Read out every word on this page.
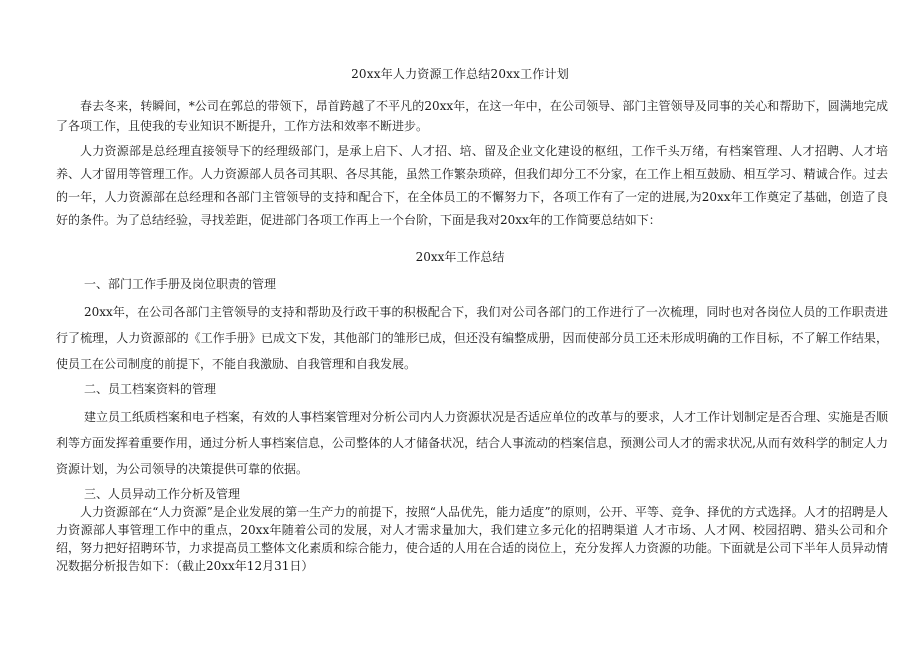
20xx年人力资源工作总结20xx工作计划

春去冬来，转瞬间，*公司在郭总的带领下，昂首跨越了不平凡的20xx年，在这一年中，在公司领导、部门主管领导及同事的关心和帮助下，圆满地完成了各项工作，且使我的专业知识不断提升，工作方法和效率不断进步。

人力资源部是总经理直接领导下的经理级部门，是承上启下、人才招、培、留及企业文化建设的枢纽，工作千头万绪，有档案管理、人才招聘、人才培养、人才留用等管理工作。人力资源部人员各司其职、各尽其能，虽然工作繁杂琐碎，但我们却分工不分家，在工作上相互鼓励、相互学习、精诚合作。过去的一年，人力资源部在总经理和各部门主管领导的支持和配合下，在全体员工的不懈努力下，各项工作有了一定的进展,为20xx年工作奠定了基础，创造了良好的条件。为了总结经验，寻找差距，促进部门各项工作再上一个台阶，下面是我对20xx年的工作简要总结如下：

20xx年工作总结
一、部门工作手册及岗位职责的管理

20xx年，在公司各部门主管领导的支持和帮助及行政干事的积极配合下，我们对公司各部门的工作进行了一次梳理，同时也对各岗位人员的工作职责进行了梳理，人力资源部的《工作手册》已成文下发，其他部门的雏形已成，但还没有编整成册，因而使部分员工还未形成明确的工作目标，不了解工作结果，使员工在公司制度的前提下，不能自我激励、自我管理和自我发展。

二、员工档案资料的管理

建立员工纸质档案和电子档案，有效的人事档案管理对分析公司内人力资源状况是否适应单位的改革与的要求，人才工作计划制定是否合理、实施是否顺利等方面发挥着重要作用，通过分析人事档案信息，公司整体的人才储备状况，结合人事流动的档案信息，预测公司人才的需求状况,从而有效科学的制定人力资源计划，为公司领导的决策提供可靠的依据。

三、人员异动工作分析及管理

人力资源部在“人力资源”是企业发展的第一生产力的前提下，按照“人品优先，能力适度”的原则，公开、平等、竞争、择优的方式选择。人才的招聘是人力资源部人事管理工作中的重点，20xx年随着公司的发展，对人才需求量加大，我们建立多元化的招聘渠道 人才市场、人才网、校园招聘、猎头公司和介绍，努力把好招聘环节，力求提高员工整体文化素质和综合能力，使合适的人用在合适的岗位上，充分发挥人力资源的功能。下面就是公司下半年人员异动情况数据分析报告如下：（截止20xx年12月31日）
